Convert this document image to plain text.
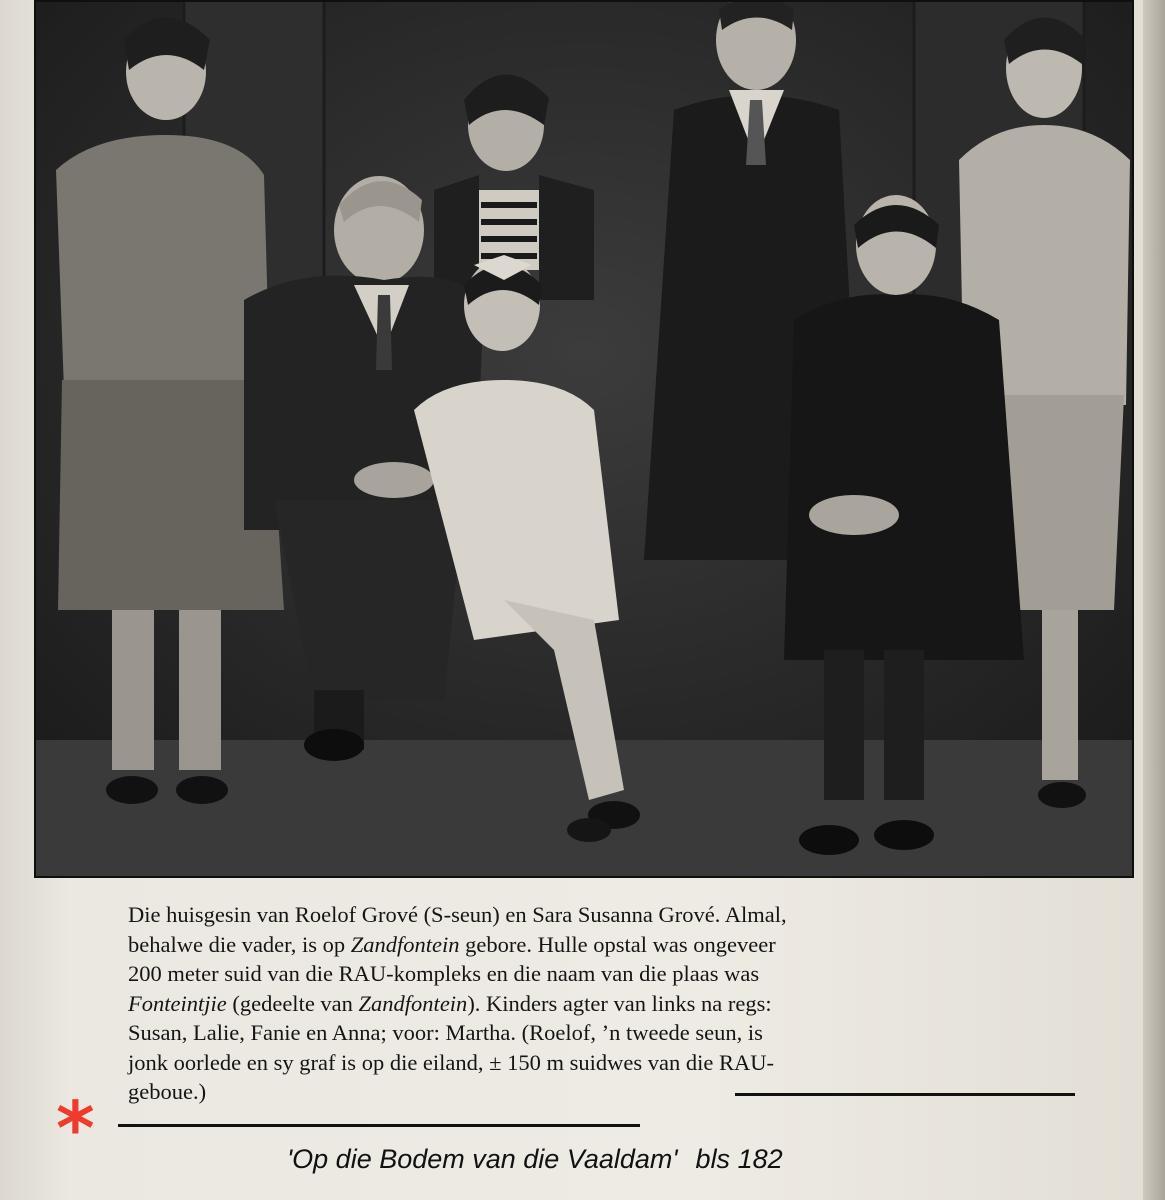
Die huisgesin van Roelof Grové (S-seun) en Sara Susanna Grové. Almal,

behalwe die vader, is op Zandfontein gebore. Hulle opstal was ongeveer

200 meter suid van die RAU-kompleks en die naam van die plaas was

Fonteintjie (gedeelte van Zandfontein). Kinders agter van links na regs:

Susan, Lalie, Fanie en Anna; voor: Martha. (Roelof, ’n tweede seun, is

jonk oorlede en sy graf is op die eiland, ± 150 m suidwes van die RAU-

geboue.)

*	'Op die Bodem van die Vaaldam' bls 182
